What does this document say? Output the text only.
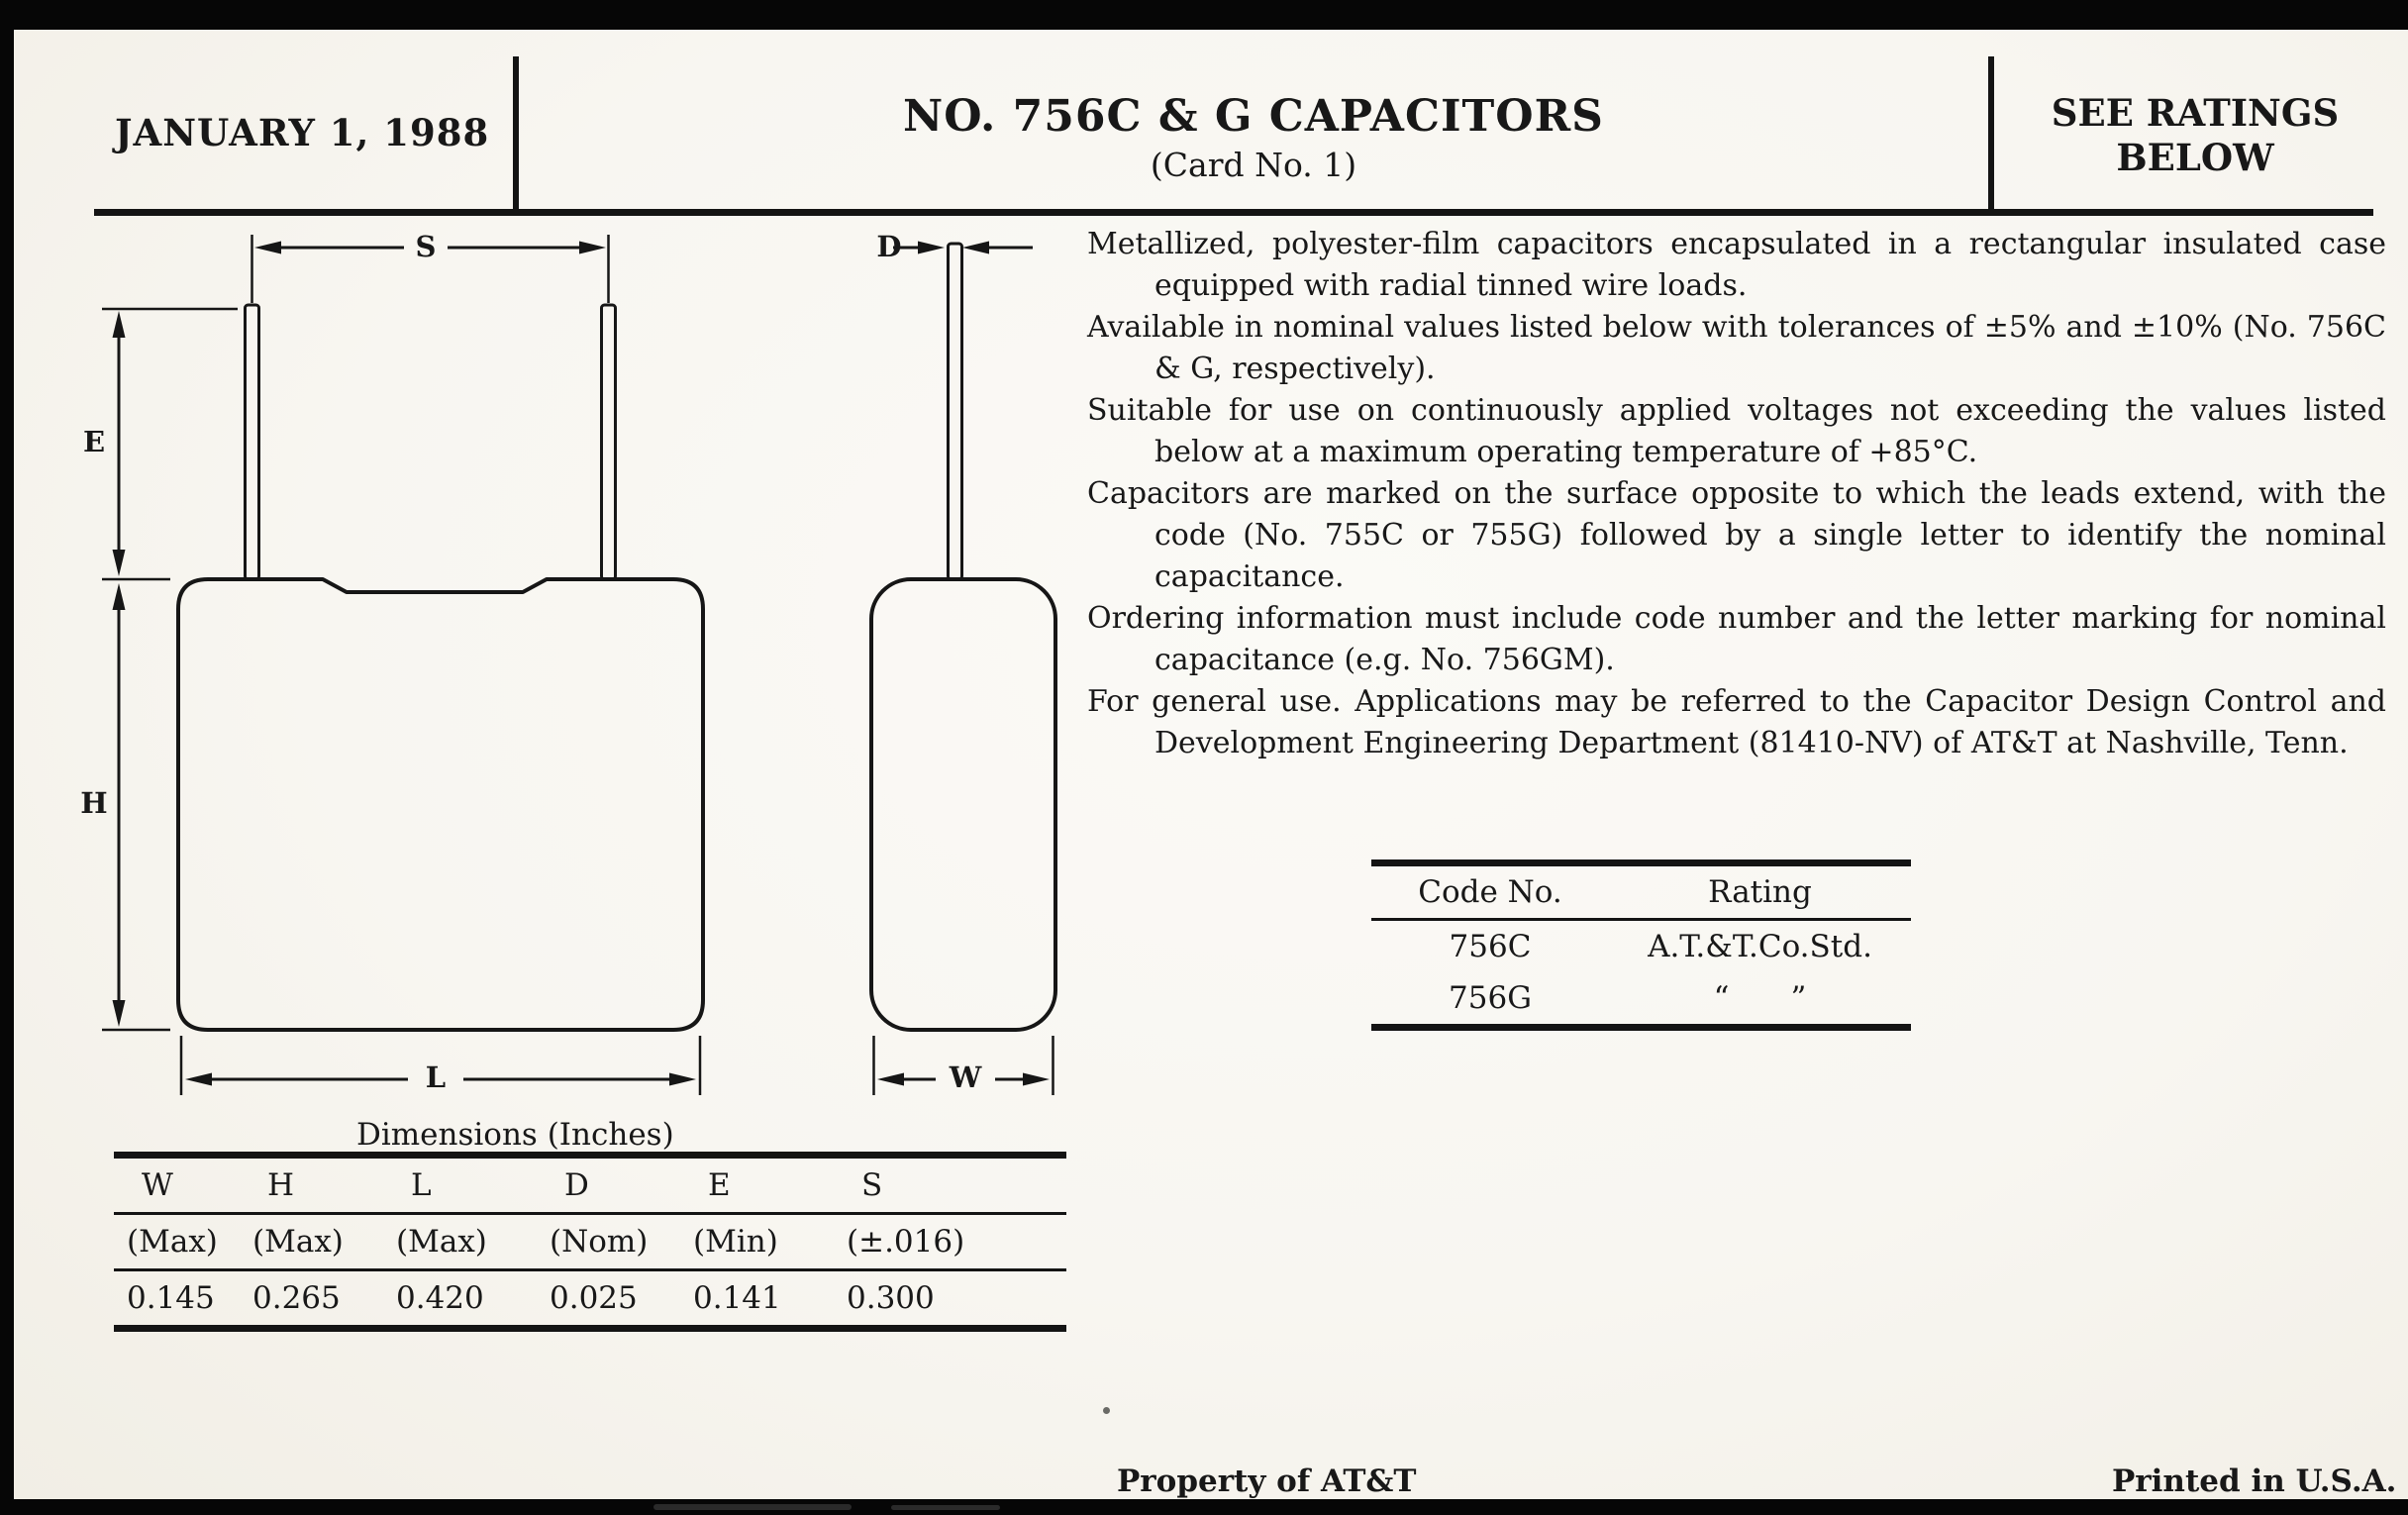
JANUARY 1, 1988	NO. 756C & G CAPACITORS
(Card No. 1)
SEE RATINGS
BELOW
S
E
H
L
D
W

Metallized, polyester-film capacitors encapsulated in a rectangular insulated case equipped with radial tinned wire loads.

Available in nominal values listed below with tolerances of ±5% and ±10% (No. 756C & G, respectively).

Suitable for use on continuously applied voltages not exceeding the values listed below at a maximum operating temperature of +85°C.

Capacitors are marked on the surface opposite to which the leads extend, with the code (No. 755C or 755G) followed by a single letter to identify the nominal capacitance.

Ordering information must include code number and the letter marking for nominal capacitance (e.g. No. 756GM).

For general use. Applications may be referred to the Capacitor Design Control and Development Engineering Department (81410-NV) of AT&T at Nashville, Tenn.

Code No.	Rating
756C	A.T.&T.Co.Std.
756G	“  ”
Dimensions (Inches)
W	H	L	D	E	S
(Max)	(Max)	(Max)	(Nom)	(Min)	(±.016)
0.145	0.265	0.420	0.025	0.141	0.300
Property of AT&T	Printed in U.S.A.
